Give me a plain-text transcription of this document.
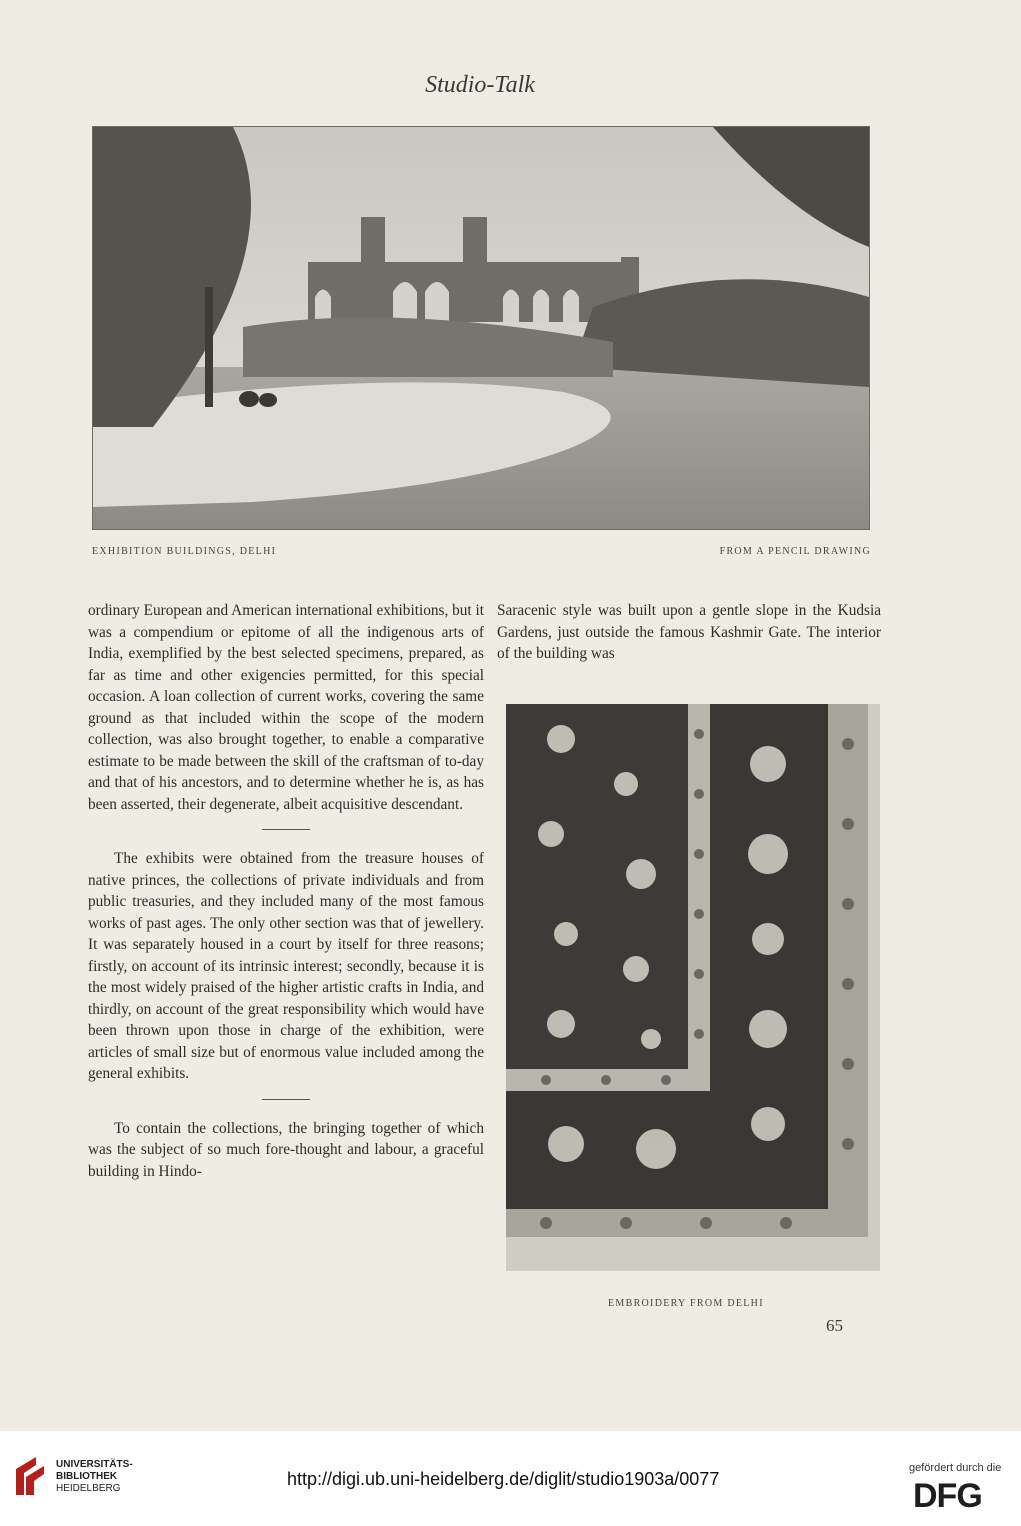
Studio-Talk
EXHIBITION BUILDINGS, DELHI	FROM A PENCIL DRAWING

ordinary European and American international exhibitions, but it was a compendium or epitome of all the indigenous arts of India, exemplified by the best selected specimens, prepared, as far as time and other exigencies permitted, for this special occasion. A loan collection of current works, covering the same ground as that included within the scope of the modern collection, was also brought together, to enable a comparative estimate to be made between the skill of the craftsman of to-day and that of his ancestors, and to determine whether he is, as has been asserted, their degenerate, albeit acquisitive descendant.

The exhibits were obtained from the treasure houses of native princes, the collections of private individuals and from public treasuries, and they included many of the most famous works of past ages. The only other section was that of jewellery. It was separately housed in a court by itself for three reasons; firstly, on account of its intrinsic interest; secondly, because it is the most widely praised of the higher artistic crafts in India, and thirdly, on account of the great responsibility which would have been thrown upon those in charge of the exhibition, were articles of small size but of enormous value included among the general exhibits.

To contain the collections, the bringing together of which was the subject of so much fore-thought and labour, a graceful building in Hindo-

Saracenic style was built upon a gentle slope in the Kudsia Gardens, just outside the famous Kashmir Gate. The interior of the building was

EMBROIDERY FROM DELHI
65
UNIVERSITÄTS-
BIBLIOTHEK
HEIDELBERG	http://digi.ub.uni-heidelberg.de/diglit/studio1903a/0077
gefördert durch die
DFG
